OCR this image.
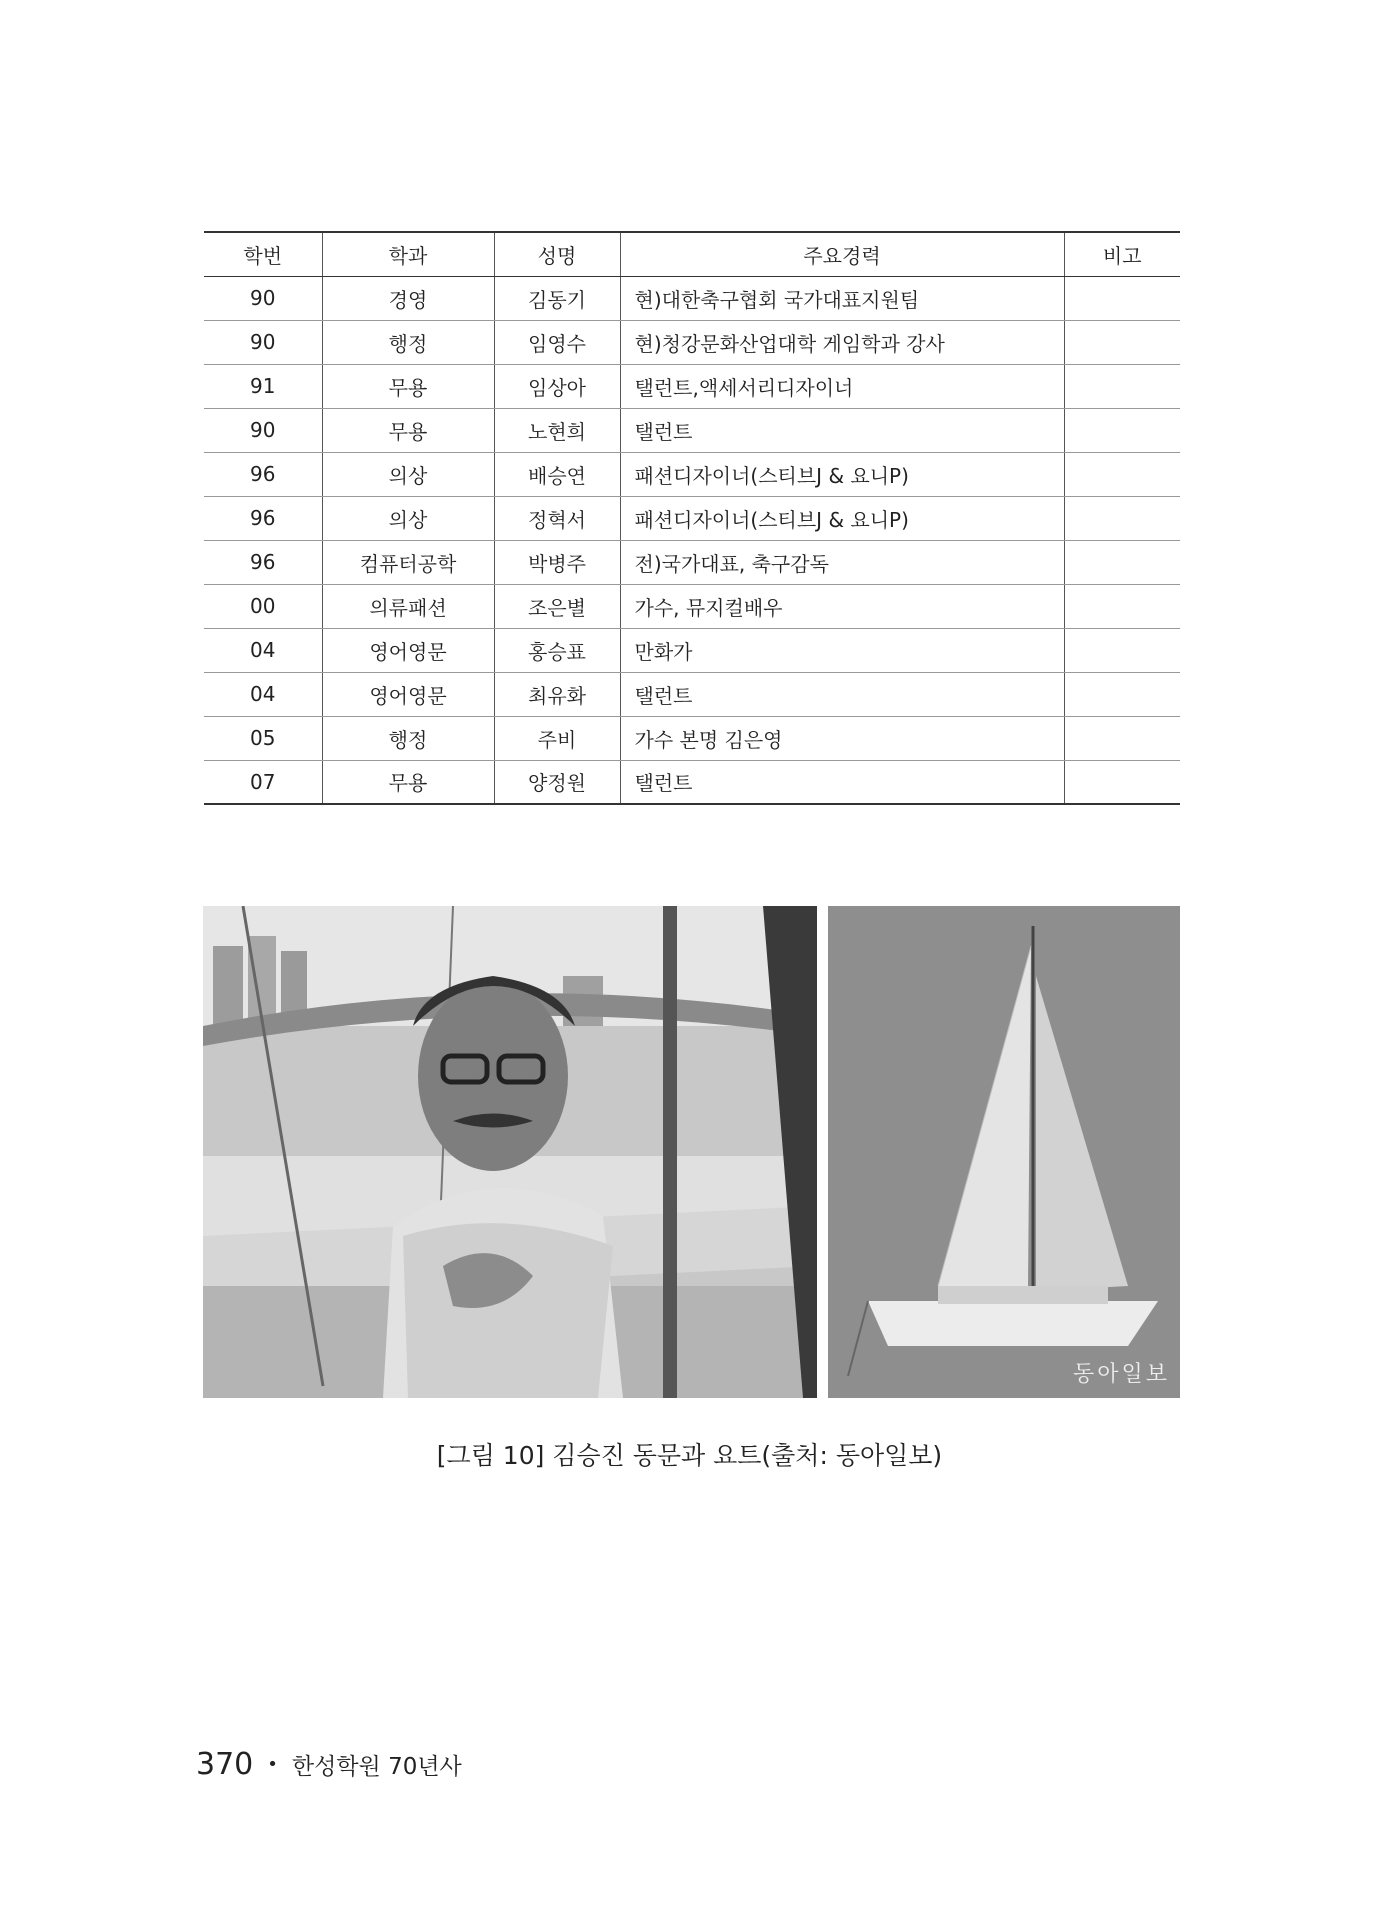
학번	학과	성명	주요경력	비고
90	경영	김동기	현)대한축구협회 국가대표지원팀	
90	행정	임영수	현)청강문화산업대학 게임학과 강사	
91	무용	임상아	탤런트,액세서리디자이너	
90	무용	노현희	탤런트	
96	의상	배승연	패션디자이너(스티브J & 요니P)	
96	의상	정혁서	패션디자이너(스티브J & 요니P)	
96	컴퓨터공학	박병주	전)국가대표, 축구감독	
00	의류패션	조은별	가수, 뮤지컬배우	
04	영어영문	홍승표	만화가	
04	영어영문	최유화	탤런트	
05	행정	주비	가수 본명 김은영	
07	무용	양정원	탤런트	
동아일보
[그림 10] 김승진 동문과 요트(출처: 동아일보)
370 • 한성학원 70년사
